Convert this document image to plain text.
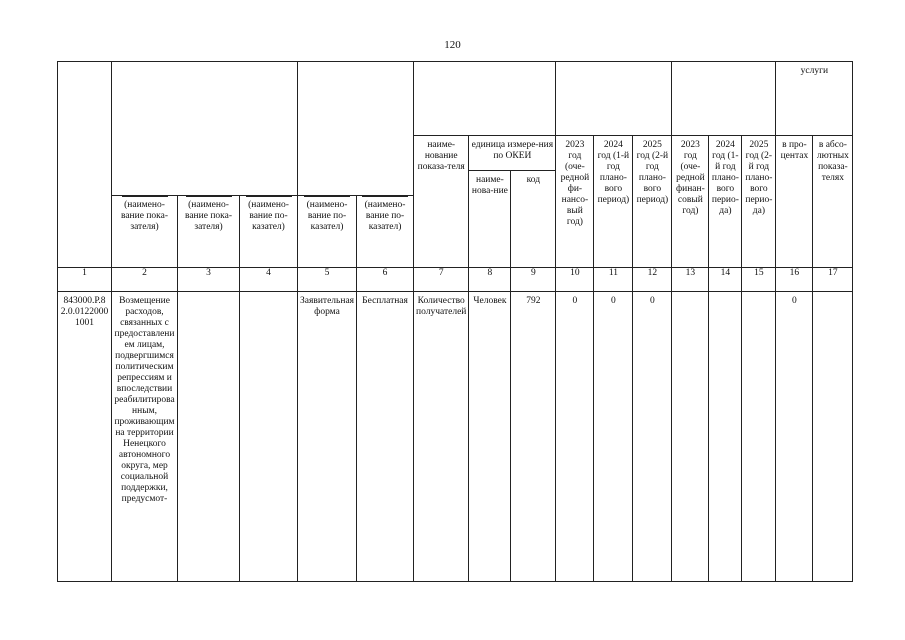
120

															услуги	

						наиме-нование показа-теля	единица измере-ния по ОКЕИ		2023 год (оче-редной фи-нансо-вый год)	2024 год (1-й год плано-вого период)	2025 год (2-й год плано-вого период)	2023 год (оче-редной финан-совый год)	2024 год (1-й год плано-вого перио-да)	2025 год (2-й год плано-вого перио-да)	в про-центах	в абсо-лютных показа-телях

							наиме-нова-ние	код								

	(наимено-вание пока-зателя)	(наимено-вание пока-зателя)	(наимено-вание по-казател)	(наимено-вание по-казател)	(наимено-вание по-казател)											

1	2	3	4	5	6	7	8	9	10	11	12	13	14	15	16	17

843000.Р.82.0.01220001001	Возмещение расходов, связанных с предоставлением лицам, подвергшимся политическим репрессиям и впоследствии реабилитированным, проживающим на территории Ненецкого автономного округа, мер социальной поддержки, предусмот-			Заявительная форма	Бесплатная	Количество получателей	Человек	792	0	0	0				0	
